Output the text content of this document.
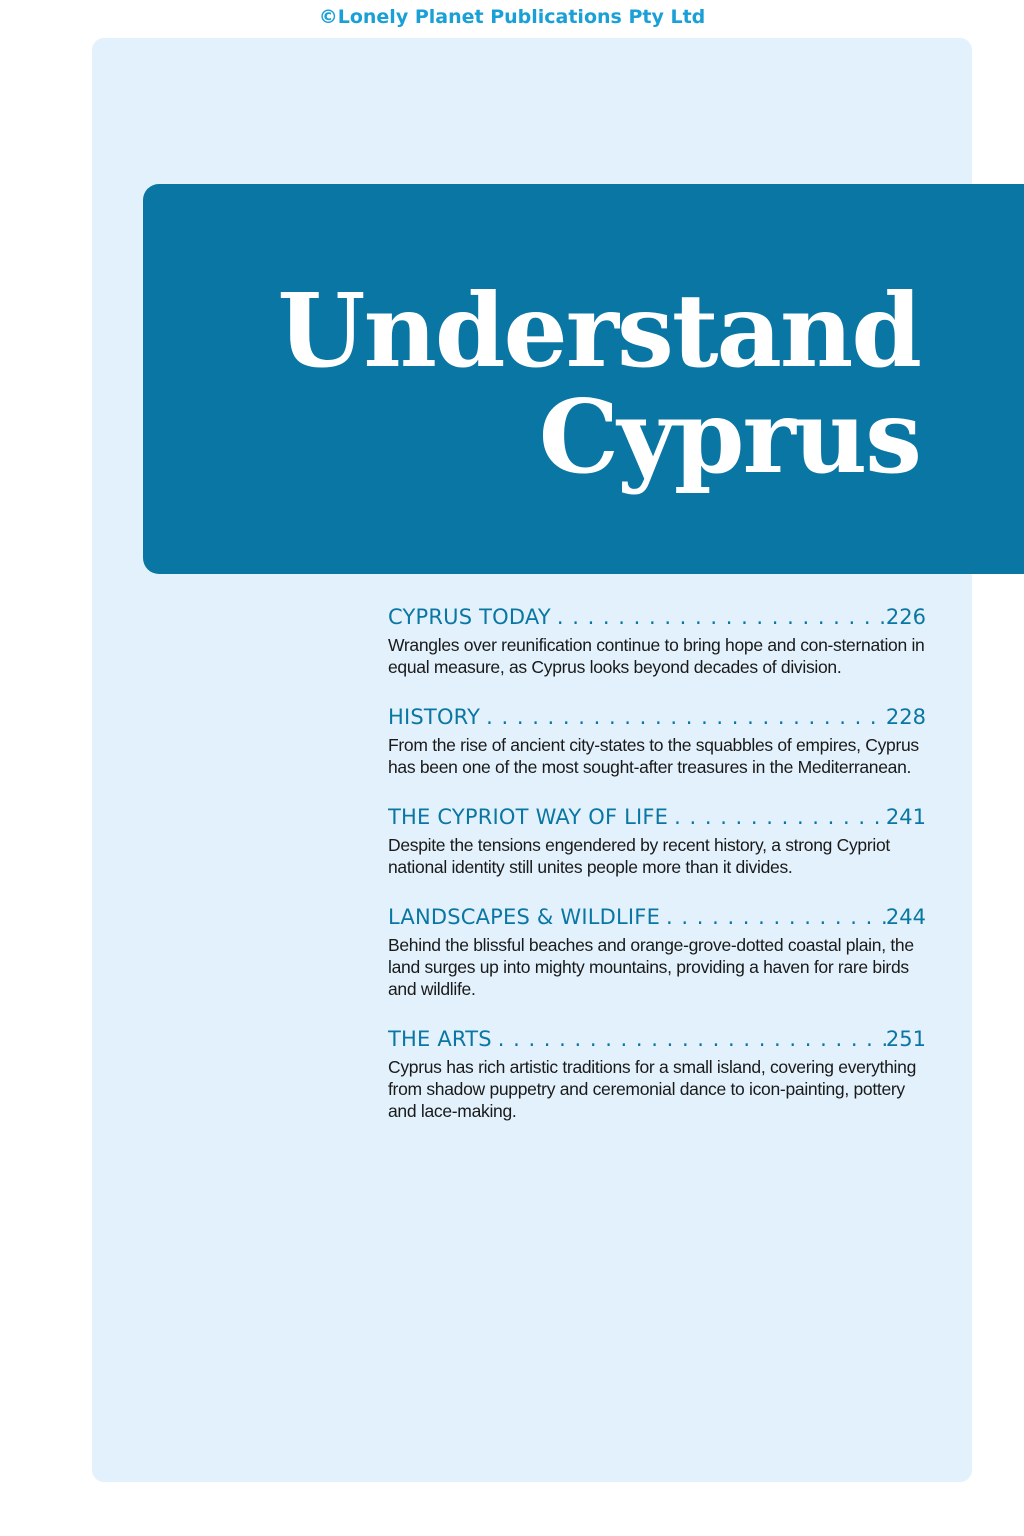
©Lonely Planet Publications Pty Ltd
Understand
Cyprus
CYPRUS TODAY . . .	226

Wrangles over reunification continue to bring hope and con-sternation in equal measure, as Cyprus looks beyond decades of division.

HISTORY . . .	228

From the rise of ancient city-states to the squabbles of empires, Cyprus has been one of the most sought-after treasures in the Mediterranean.

THE CYPRIOT WAY OF LIFE . . .	241

Despite the tensions engendered by recent history, a strong Cypriot national identity still unites people more than it divides.

LANDSCAPES & WILDLIFE . . .	244

Behind the blissful beaches and orange-grove-dotted coastal plain, the land surges up into mighty mountains, providing a haven for rare birds and wildlife.

THE ARTS . . .	251

Cyprus has rich artistic traditions for a small island, covering everything from shadow puppetry and ceremonial dance to icon-painting, pottery and lace-making.
